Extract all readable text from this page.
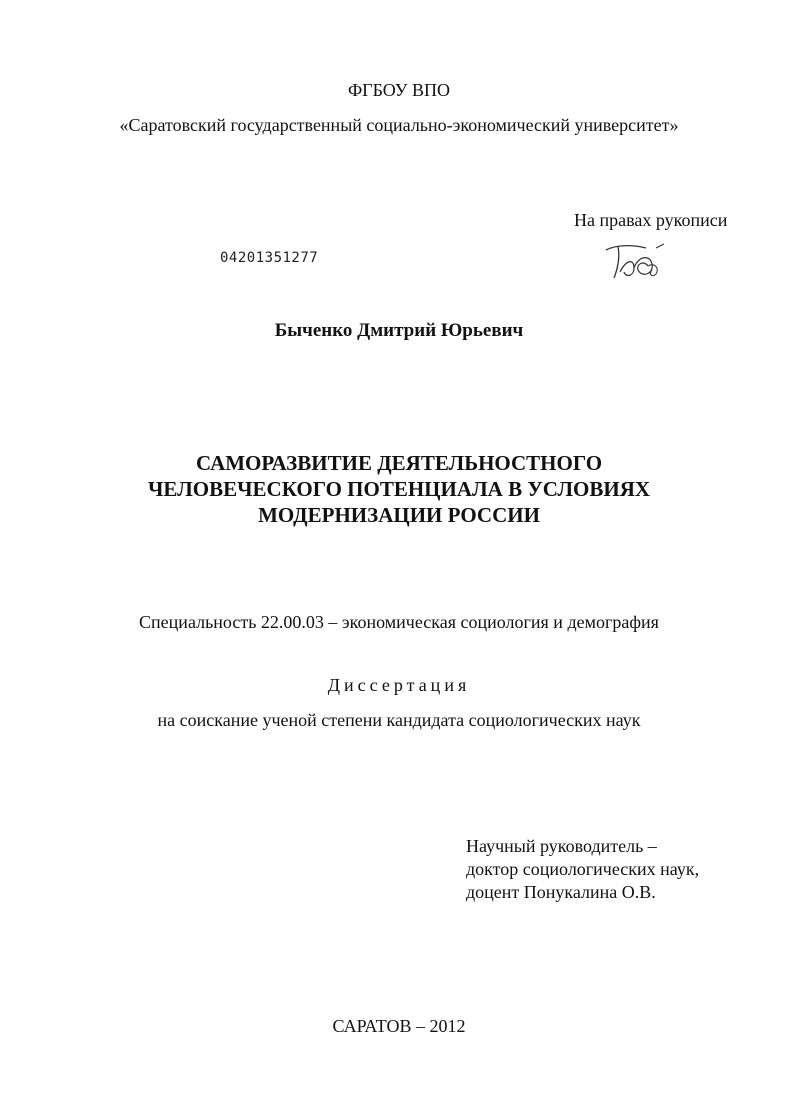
ФГБОУ ВПО
«Саратовский государственный социально-экономический университет»
На правах рукописи
04201351277
Быченко Дмитрий Юрьевич
САМОРАЗВИТИЕ ДЕЯТЕЛЬНОСТНОГО
ЧЕЛОВЕЧЕСКОГО ПОТЕНЦИАЛА В УСЛОВИЯХ
МОДЕРНИЗАЦИИ РОССИИ
Специальность 22.00.03 – экономическая социология и демография
Диссертация
на соискание ученой степени кандидата социологических наук
Научный руководитель –
доктор социологических наук,
доцент Понукалина О.В.
САРАТОВ – 2012
